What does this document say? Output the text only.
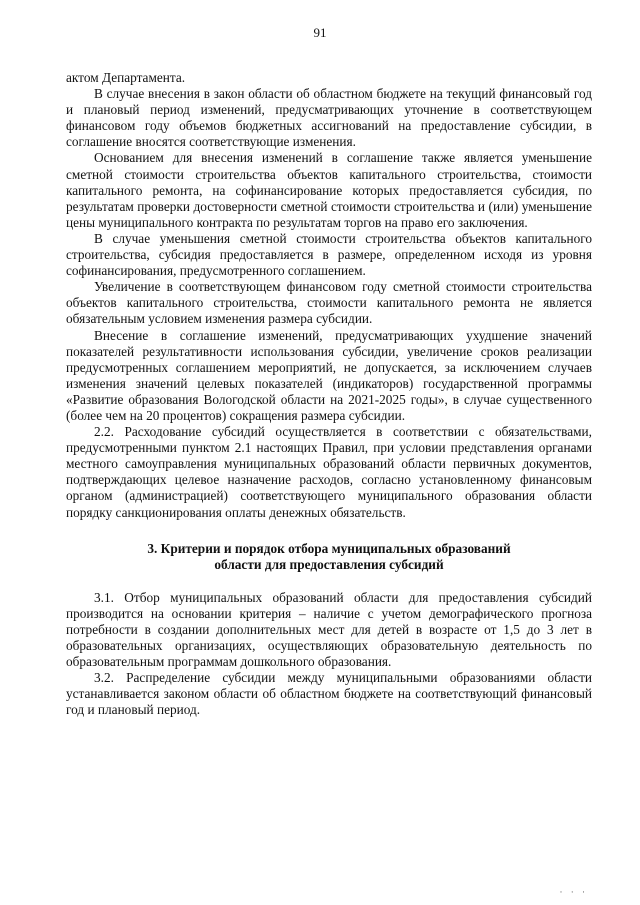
91

актом Департамента.

В случае внесения в закон области об областном бюджете на текущий финансовый год и плановый период изменений, предусматривающих уточнение в соответствующем финансовом году объемов бюджетных ассигнований на предоставление субсидии, в соглашение вносятся соответствующие изменения.

Основанием для внесения изменений в соглашение также является уменьшение сметной стоимости строительства объектов капитального строительства, стоимости капитального ремонта, на софинансирование которых предоставляется субсидия, по результатам проверки достоверности сметной стоимости строительства и (или) уменьшение цены муниципального контракта по результатам торгов на право его заключения.

В случае уменьшения сметной стоимости строительства объектов капитального строительства, субсидия предоставляется в размере, определенном исходя из уровня софинансирования, предусмотренного соглашением.

Увеличение в соответствующем финансовом году сметной стоимости строительства объектов капитального строительства, стоимости капитального ремонта не является обязательным условием изменения размера субсидии.

Внесение в соглашение изменений, предусматривающих ухудшение значений показателей результативности использования субсидии, увеличение сроков реализации предусмотренных соглашением мероприятий, не допускается, за исключением случаев изменения значений целевых показателей (индикаторов) государственной программы «Развитие образования Вологодской области на 2021-2025 годы», в случае существенного (более чем на 20 процентов) сокращения размера субсидии.

2.2. Расходование субсидий осуществляется в соответствии с обязательствами, предусмотренными пунктом 2.1 настоящих Правил, при условии представления органами местного самоуправления муниципальных образований области первичных документов, подтверждающих целевое назначение расходов, согласно установленному финансовым органом (администрацией) соответствующего муниципального образования области порядку санкционирования оплаты денежных обязательств.

3. Критерии и порядок отбора муниципальных образований
области для предоставления субсидий

3.1. Отбор муниципальных образований области для предоставления субсидий производится на основании критерия – наличие с учетом демографического прогноза потребности в создании дополнительных мест для детей в возрасте от 1,5 до 3 лет в образовательных организациях, осуществляющих образовательную деятельность по образовательным программам дошкольного образования.

3.2. Распределение субсидии между муниципальными образованиями области устанавливается законом области об областном бюджете на соответствующий финансовый год и плановый период.

· · ·
